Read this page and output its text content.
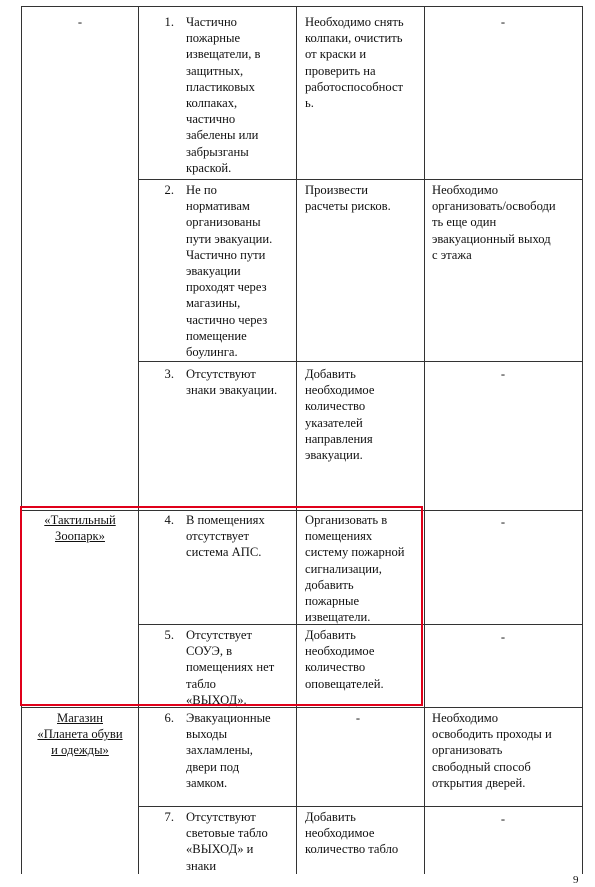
-
«Тактильный
Зоопарк»
Магазин
«Планета обуви
и одежды»
1. Частично
пожарные
извещатели, в
защитных,
пластиковых
колпаках,
частично
забелены или
забрызганы
краской.
Необходимо снять
колпаки, очистить
от краски и
проверить на
работоспособност
ь.
-
2. Не по
нормативам
организованы
пути эвакуации.
Частично пути
эвакуации
проходят через
магазины,
частично через
помещение
боулинга.
Произвести
расчеты рисков.
Необходимо
организовать/освободи
ть еще один
эвакуационный выход
с этажа
3. Отсутствуют
знаки эвакуации.
Добавить
необходимое
количество
указателей
направления
эвакуации.
-
4. В помещениях
отсутствует
система АПС.
Организовать в
помещениях
систему пожарной
сигнализации,
добавить
пожарные
извещатели.
-
5. Отсутствует
СОУЭ, в
помещениях нет
табло
«ВЫХОД».
Добавить
необходимое
количество
оповещателей.
-
6. Эвакуационные
выходы
захламлены,
двери под
замком.
-	Необходимо
освободить проходы и
организовать
свободный способ
открытия дверей.
7. Отсутствуют
световые табло
«ВЫХОД» и
знаки
Добавить
необходимое
количество табло
-
9
